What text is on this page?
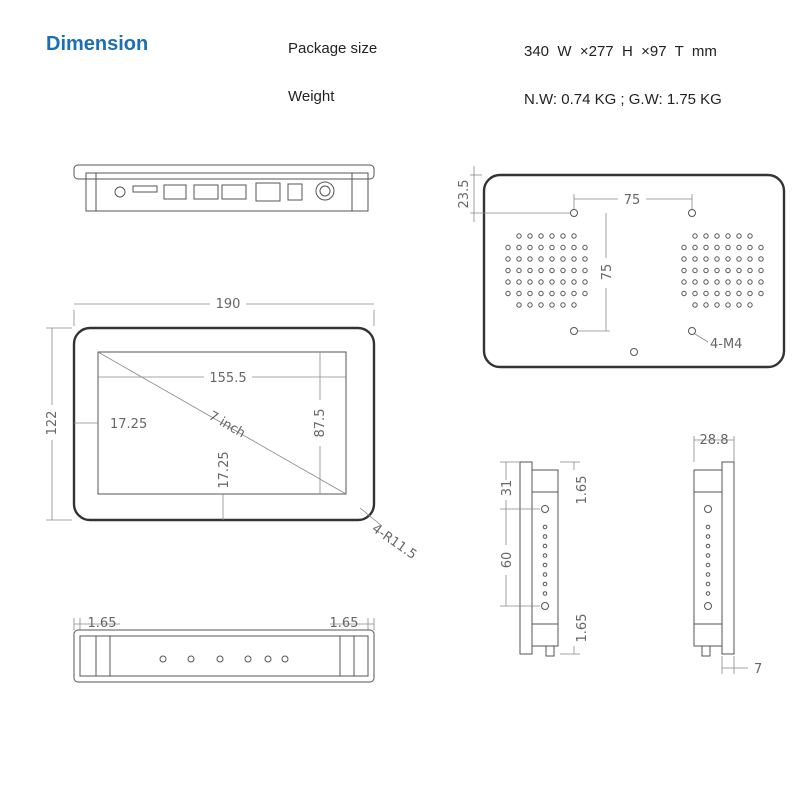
Dimension	Package size	340  W  ×277  H  ×97  T  mm
Weight	N.W: 0.74 KG ; G.W: 1.75 KG
190
155.5
122	87.5
17.25
17.25
7 inch
4-R11.5
23.5	75
75
4-M4
31
60
1.65
1.65
28.8
7
1.65	1.65
